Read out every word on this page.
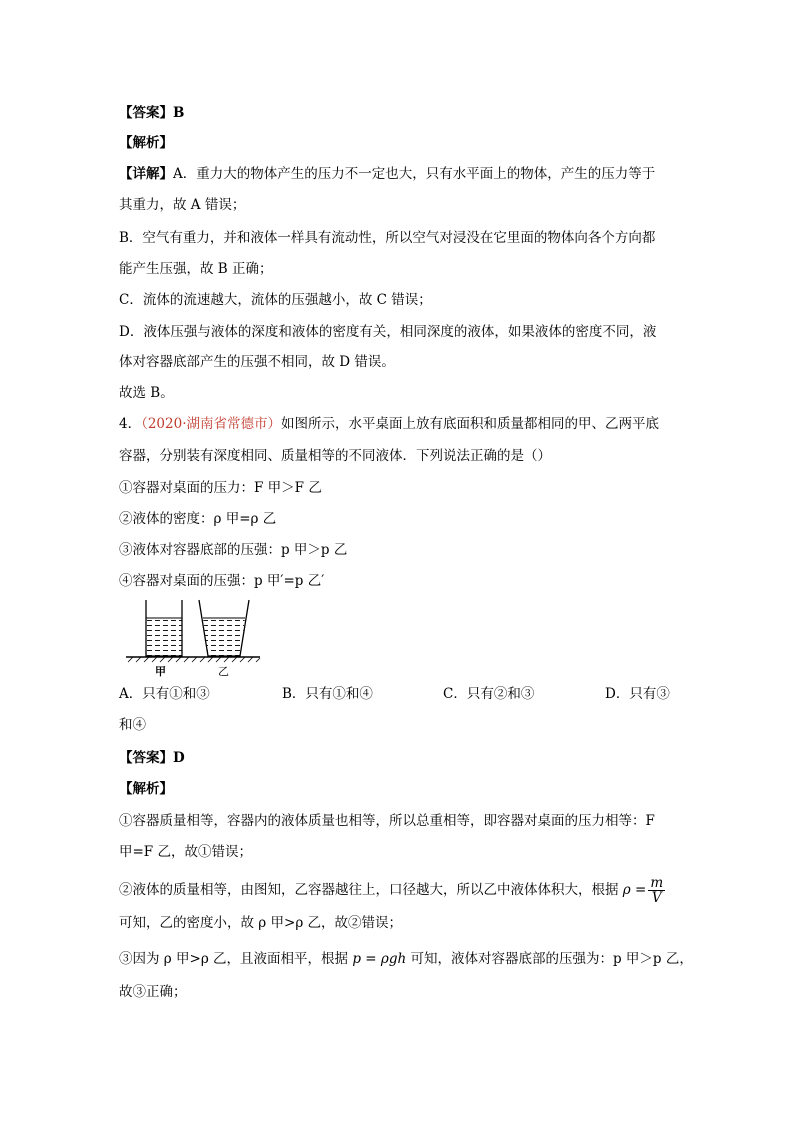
【答案】B
【解析】
【详解】A．重力大的物体产生的压力不一定也大，只有水平面上的物体，产生的压力等于
其重力，故 A 错误；
B．空气有重力，并和液体一样具有流动性，所以空气对浸没在它里面的物体向各个方向都
能产生压强，故 B 正确；
C．流体的流速越大，流体的压强越小，故 C 错误；
D．液体压强与液体的深度和液体的密度有关，相同深度的液体，如果液体的密度不同，液
体对容器底部产生的压强不相同，故 D 错误。
故选 B。
4．（2020·湖南省常德市）如图所示，水平桌面上放有底面积和质量都相同的甲、乙两平底
容器，分别装有深度相同、质量相等的不同液体．下列说法正确的是（）
①容器对桌面的压力：F 甲＞F 乙
②液体的密度：ρ 甲=ρ 乙
③液体对容器底部的压强：p 甲＞p 乙
④容器对桌面的压强：p 甲′=p 乙′
甲	乙
A．只有①和③	B．只有①和④	C．只有②和③	D．只有③
和④
【答案】D
【解析】
①容器质量相等，容器内的液体质量也相等，所以总重相等，即容器对桌面的压力相等：F
甲=F 乙，故①错误；
②液体的质量相等，由图知，乙容器越往上，口径越大，所以乙中液体体积大，根据 $\rho = \frac{m}{V}$
可知，乙的密度小，故 ρ 甲>ρ 乙，故②错误；
③因为 ρ 甲>ρ 乙，且液面相平，根据 p = ρgh 可知，液体对容器底部的压强为：p 甲＞p 乙，
故③正确；
